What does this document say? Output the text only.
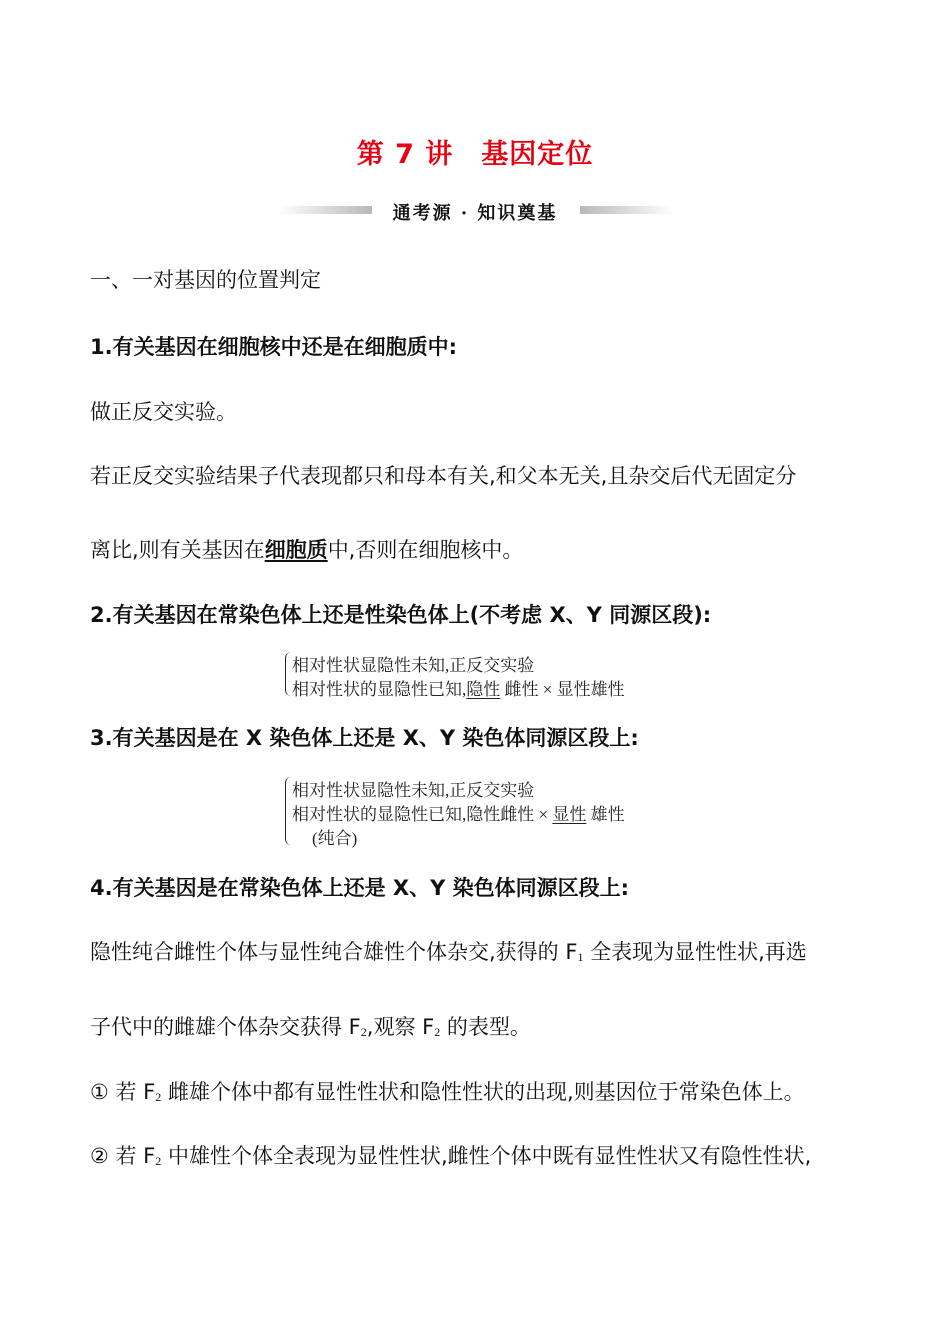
第 7 讲　基因定位
通考源 · 知识奠基
一、一对基因的位置判定
1.有关基因在细胞核中还是在细胞质中:
做正反交实验。
若正反交实验结果子代表现都只和母本有关,和父本无关,且杂交后代无固定分
离比,则有关基因在细胞质中,否则在细胞核中。
2.有关基因在常染色体上还是性染色体上(不考虑 X、Y 同源区段):
相对性状显隐性未知,正反交实验
相对性状的显隐性已知,隐性 雌性 × 显性雄性
3.有关基因是在 X 染色体上还是 X、Y 染色体同源区段上:
相对性状显隐性未知,正反交实验
相对性状的显隐性已知,隐性雌性 × 显性 雄性
(纯合)
4.有关基因是在常染色体上还是 X、Y 染色体同源区段上:
隐性纯合雌性个体与显性纯合雄性个体杂交,获得的 F1 全表现为显性性状,再选
子代中的雌雄个体杂交获得 F2,观察 F2 的表型。
① 若 F2 雌雄个体中都有显性性状和隐性性状的出现,则基因位于常染色体上。
② 若 F2 中雄性个体全表现为显性性状,雌性个体中既有显性性状又有隐性性状,
